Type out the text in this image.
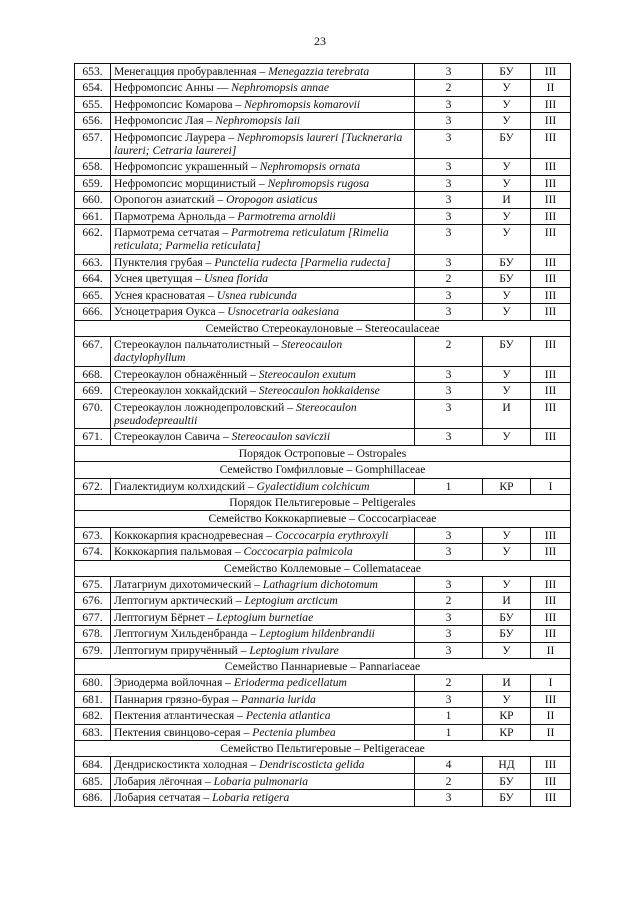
23
653.	Менегацция пробуравленная – Menegazzia terebrata	3	БУ	III
654.	Нефромопсис Анны — Nephromopsis annae	2	У	II
655.	Нефромопсис Комарова – Nephromopsis komarovii	3	У	III
656.	Нефромопсис Лая – Nephromopsis laii	3	У	III
657.	Нефромопсис Лаурера – Nephromopsis laureri [Tuckneraria laureri; Cetraria laurerei]	3	БУ	III
658.	Нефромопсис украшенный – Nephromopsis ornata	3	У	III
659.	Нефромопсис морщинистый – Nephromopsis rugosa	3	У	III
660.	Оропогон азиатский – Oropogon asiaticus	3	И	III
661.	Пармотрема Арнольда – Parmotrema arnoldii	3	У	III
662.	Пармотрема сетчатая – Parmotrema reticulatum [Rimelia reticulata; Parmelia reticulata]	3	У	III
663.	Пунктелия грубая – Punctelia rudecta [Parmelia rudecta]	3	БУ	III
664.	Уснея цветущая – Usnea florida	2	БУ	III
665.	Уснея красноватая – Usnea rubicunda	3	У	III
666.	Усноцетрария Оукса – Usnocetraria oakesiana	3	У	III
Семейство Стереокаулоновые – Stereocaulaceae				
667.	Стереокаулон пальчатолистный – Stereocaulon dactylophyllum	2	БУ	III
668.	Стереокаулон обнажённый – Stereocaulon exutum	3	У	III
669.	Стереокаулон хоккайдский – Stereocaulon hokkaidense	3	У	III
670.	Стереокаулон ложнодепроловский – Stereocaulon pseudodepreaultii	3	И	III
671.	Стереокаулон Савича – Stereocaulon saviczii	3	У	III
Порядок Остроповые – Ostropales				
Семейство Гомфилловые – Gomphillaceae				
672.	Гиалектидиум колхидский – Gyalectidium colchicum	1	КР	I
Порядок Пельтигеровые – Peltigerales				
Семейство Коккокарпиевые – Coccocarpiaceae				
673.	Коккокарпия краснодревесная – Coccocarpia erythroxyli	3	У	III
674.	Коккокарпия пальмовая – Coccocarpia palmicola	3	У	III
Семейство Коллемовые – Collemataceae				
675.	Латагриум дихотомический – Lathagrium dichotomum	3	У	III
676.	Лептогиум арктический – Leptogium arcticum	2	И	III
677.	Лептогиум Бёрнет – Leptogium burnetiae	3	БУ	III
678.	Лептогиум Хильденбранда – Leptogium hildenbrandii	3	БУ	III
679.	Лептогиум приручённый – Leptogium rivulare	3	У	II
Семейство Паннариевые – Pannariaceae				
680.	Эриодерма войлочная – Erioderma pedicellatum	2	И	I
681.	Паннария грязно-бурая – Pannaria lurida	3	У	III
682.	Пектения атлантическая – Pectenia atlantica	1	КР	II
683.	Пектения свинцово-серая – Pectenia plumbea	1	КР	II
Семейство Пельтигеровые – Peltigeraceae				
684.	Дендрискостикта холодная – Dendriscosticta gelida	4	НД	III
685.	Лобария лёгочная – Lobaria pulmonaria	2	БУ	III
686.	Лобария сетчатая – Lobaria retigera	3	БУ	III
